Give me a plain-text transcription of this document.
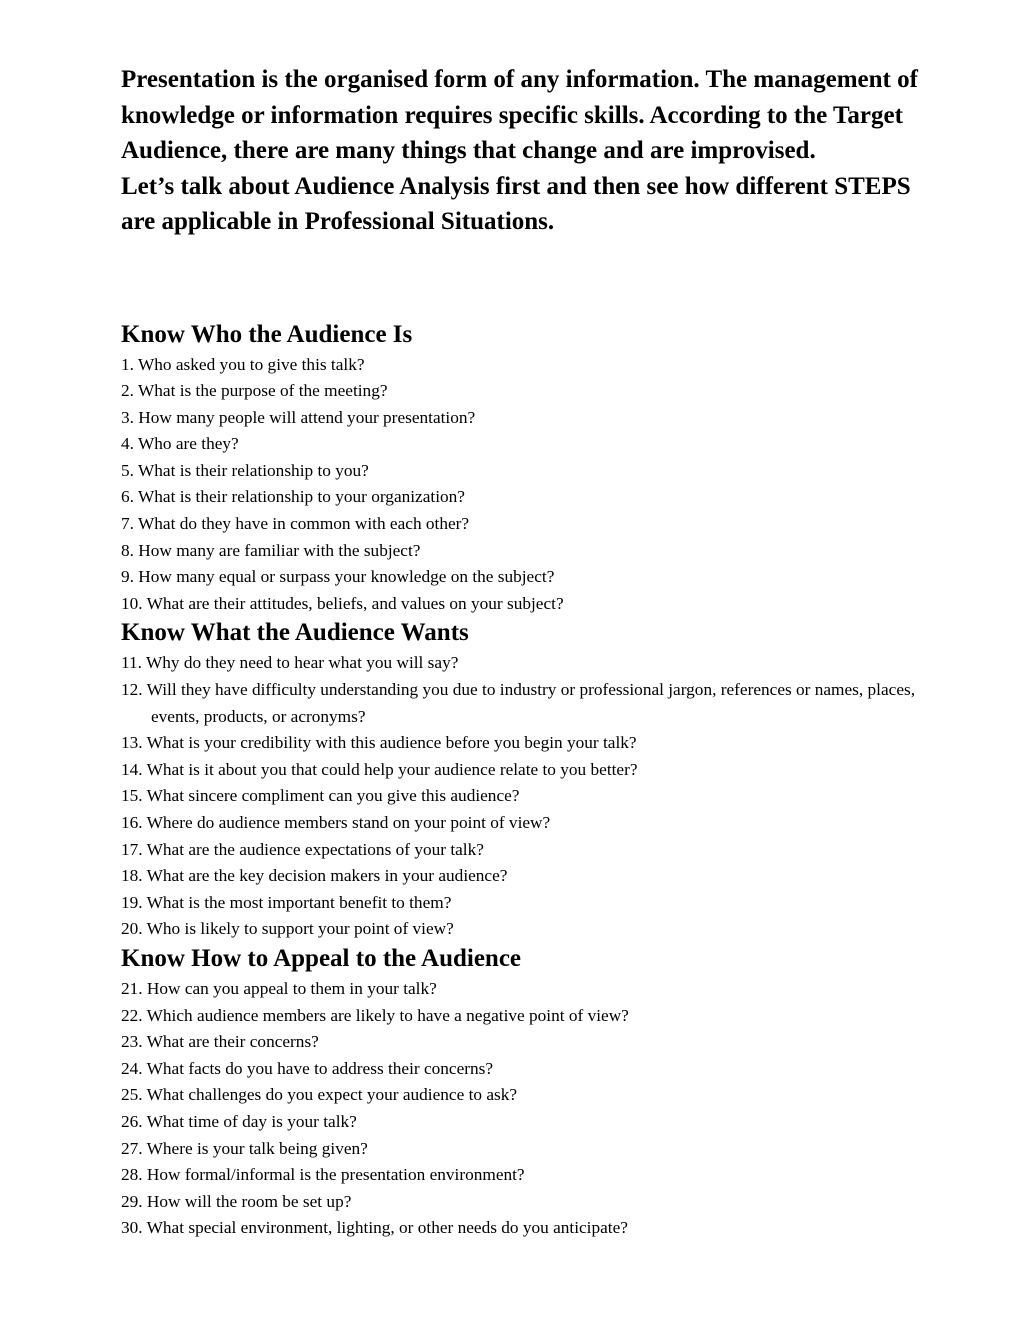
Presentation is the organised form of any information. The management of knowledge or information requires specific skills. According to the Target Audience, there are many things that change and are improvised.

Let’s talk about Audience Analysis first and then see how different STEPS are applicable in Professional Situations.

Know Who the Audience Is
1. Who asked you to give this talk?
2. What is the purpose of the meeting?
3. How many people will attend your presentation?
4. Who are they?
5. What is their relationship to you?
6. What is their relationship to your organization?
7. What do they have in common with each other?
8. How many are familiar with the subject?
9. How many equal or surpass your knowledge on the subject?
10. What are their attitudes, beliefs, and values on your subject?
Know What the Audience Wants
11. Why do they need to hear what you will say?
12. Will they have difficulty understanding you due to industry or professional jargon, references or names, places, events, products, or acronyms?
13. What is your credibility with this audience before you begin your talk?
14. What is it about you that could help your audience relate to you better?
15. What sincere compliment can you give this audience?
16. Where do audience members stand on your point of view?
17. What are the audience expectations of your talk?
18. What are the key decision makers in your audience?
19. What is the most important benefit to them?
20. Who is likely to support your point of view?
Know How to Appeal to the Audience
21. How can you appeal to them in your talk?
22. Which audience members are likely to have a negative point of view?
23. What are their concerns?
24. What facts do you have to address their concerns?
25. What challenges do you expect your audience to ask?
26. What time of day is your talk?
27. Where is your talk being given?
28. How formal/informal is the presentation environment?
29. How will the room be set up?
30. What special environment, lighting, or other needs do you anticipate?
